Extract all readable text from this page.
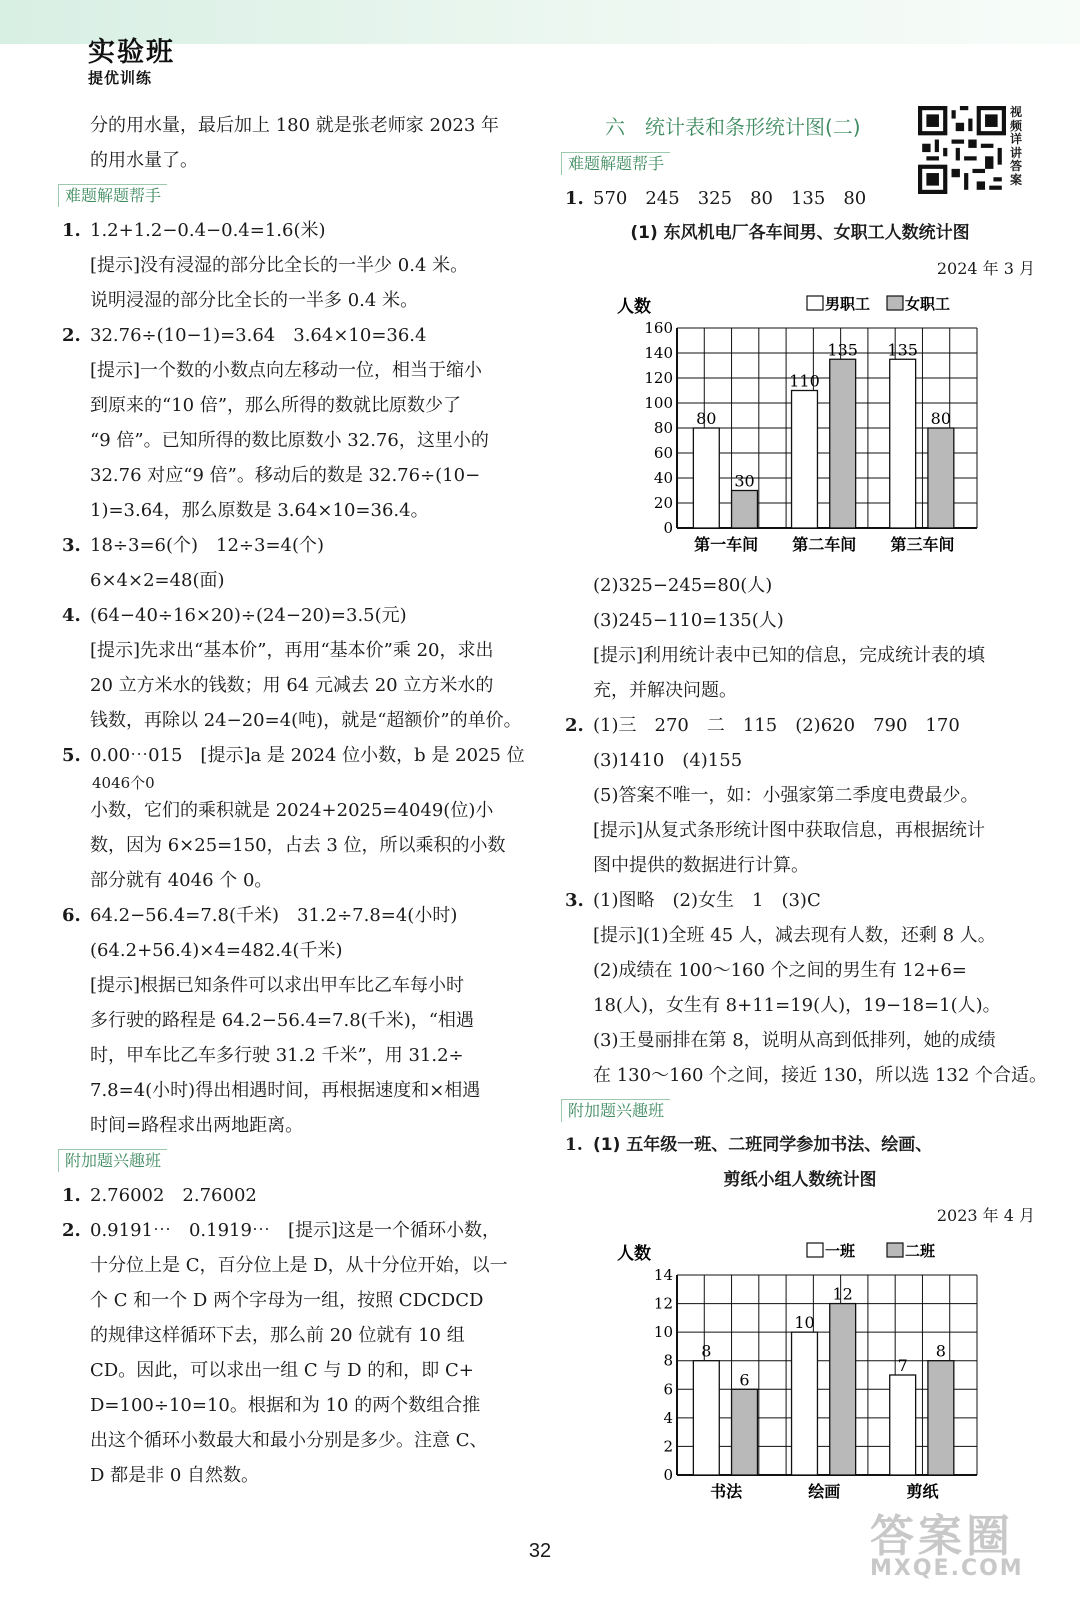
实验班
提优训练
分的用水量，最后加上 180 就是张老师家 2023 年
的用水量了。
难题解题帮手
1. 1.2+1.2−0.4−0.4=1.6(米)
[提示]没有浸湿的部分比全长的一半少 0.4 米。
说明浸湿的部分比全长的一半多 0.4 米。
2. 32.76÷(10−1)=3.64　3.64×10=36.4
[提示]一个数的小数点向左移动一位，相当于缩小
到原来的“10 倍”，那么所得的数就比原数少了
“9 倍”。已知所得的数比原数小 32.76，这里小的
32.76 对应“9 倍”。移动后的数是 32.76÷(10−
1)=3.64，那么原数是 3.64×10=36.4。
3. 18÷3=6(个)　12÷3=4(个)
6×4×2=48(面)
4. (64−40÷16×20)÷(24−20)=3.5(元)
[提示]先求出“基本价”，再用“基本价”乘 20，求出
20 立方米水的钱数；用 64 元减去 20 立方米水的
钱数，再除以 24−20=4(吨)，就是“超额价”的单价。
5. 0.00⋯015　[提示]a 是 2024 位小数，b 是 2025 位
4046个0
小数，它们的乘积就是 2024+2025=4049(位)小
数，因为 6×25=150，占去 3 位，所以乘积的小数
部分就有 4046 个 0。
6. 64.2−56.4=7.8(千米)　31.2÷7.8=4(小时)
(64.2+56.4)×4=482.4(千米)
[提示]根据已知条件可以求出甲车比乙车每小时
多行驶的路程是 64.2−56.4=7.8(千米)，“相遇
时，甲车比乙车多行驶 31.2 千米”，用 31.2÷
7.8=4(小时)得出相遇时间，再根据速度和×相遇
时间=路程求出两地距离。
附加题兴趣班
1. 2.76002　2.76002
2. 0.9191⋯　0.1919⋯　[提示]这是一个循环小数，
十分位上是 C，百分位上是 D，从十分位开始，以一
个 C 和一个 D 两个字母为一组，按照 CDCDCD
的规律这样循环下去，那么前 20 位就有 10 组
CD。因此，可以求出一组 C 与 D 的和，即 C+
D=100÷10=10。根据和为 10 的两个数组合推
出这个循环小数最大和最小分别是多少。注意 C、
D 都是非 0 自然数。
六　统计表和条形统计图(二)
难题解题帮手
1. 570　245　325　80　135　80
(1) 东风机电厂各车间男、女职工人数统计图
2024 年 3 月
人数	男职工 女职工
0
20
40
60
80
100
120
140
160
80
30
第一车间
110
135
第二车间
135
80
第三车间
(2)325−245=80(人)
(3)245−110=135(人)
[提示]利用统计表中已知的信息，完成统计表的填
充，并解决问题。
2. (1)三　270　二　115　(2)620　790　170
(3)1410　(4)155
(5)答案不唯一，如：小强家第二季度电费最少。
[提示]从复式条形统计图中获取信息，再根据统计
图中提供的数据进行计算。
3. (1)图略　(2)女生　1　(3)C
[提示](1)全班 45 人，减去现有人数，还剩 8 人。
(2)成绩在 100～160 个之间的男生有 12+6=
18(人)，女生有 8+11=19(人)，19−18=1(人)。
(3)王曼丽排在第 8，说明从高到低排列，她的成绩
在 130～160 个之间，接近 130，所以选 132 个合适。
附加题兴趣班
1. (1) 五年级一班、二班同学参加书法、绘画、
剪纸小组人数统计图
2023 年 4 月
人数	一班	二班
0
2
4
6
8
10
12
14
8
6
书法
10
12
绘画
7
8
剪纸
视频详讲答案
32	答案圈
MXQE.COM
